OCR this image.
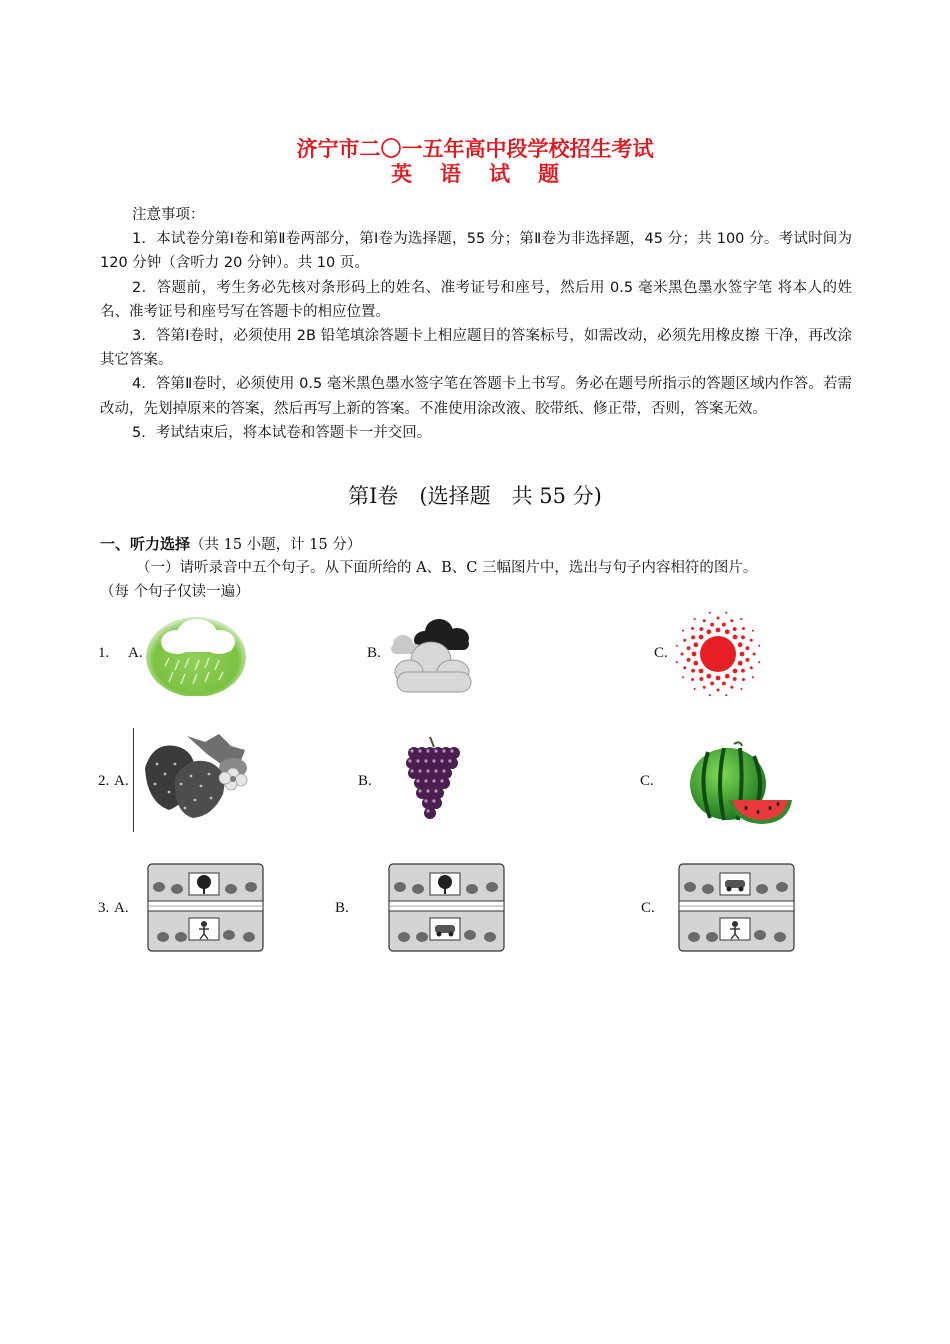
济宁市二〇一五年高中段学校招生考试
英语试题

注意事项：

1．本试卷分第Ⅰ卷和第Ⅱ卷两部分，第Ⅰ卷为选择题，55 分；第Ⅱ卷为非选择题，45 分；共 100 分。考试时间为 120 分钟（含听力 20 分钟）。共 10 页。

2．答题前，考生务必先核对条形码上的姓名、准考证号和座号，然后用 0.5 毫米黑色墨水签字笔 将本人的姓名、准考证号和座号写在答题卡的相应位置。

3．答第Ⅰ卷时，必须使用 2B 铅笔填涂答题卡上相应题目的答案标号，如需改动，必须先用橡皮擦 干净，再改涂其它答案。

4．答第Ⅱ卷时，必须使用 0.5 毫米黑色墨水签字笔在答题卡上书写。务必在题号所指示的答题区域内作答。若需改动，先划掉原来的答案，然后再写上新的答案。不准使用涂改液、胶带纸、修正带，否则，答案无效。

5．考试结束后，将本试卷和答题卡一并交回。

第Ⅰ卷　(选择题　共 55 分)
一、听力选择（共 15 小题，计 15 分）

（一）请听录音中五个句子。从下面所给的 A、B、C 三幅图片中，选出与句子内容相符的图片。

（每 个句子仅读一遍）

1. A.	B.	C.
2. A.	B.	C.
3. A.	B.	C.
